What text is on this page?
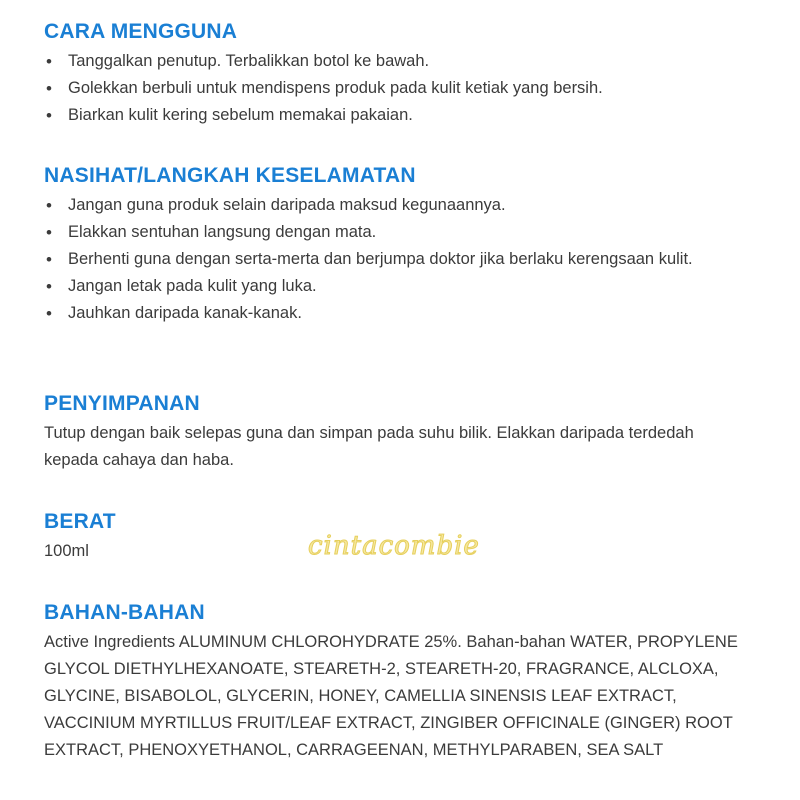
CARA MENGGUNA
• Tanggalkan penutup. Terbalikkan botol ke bawah.
• Golekkan berbuli untuk mendispens produk pada kulit ketiak yang bersih.
• Biarkan kulit kering sebelum memakai pakaian.
NASIHAT/LANGKAH KESELAMATAN
• Jangan guna produk selain daripada maksud kegunaannya.
• Elakkan sentuhan langsung dengan mata.
• Berhenti guna dengan serta-merta dan berjumpa doktor jika berlaku kerengsaan kulit.
• Jangan letak pada kulit yang luka.
• Jauhkan daripada kanak-kanak.
PENYIMPANAN

Tutup dengan baik selepas guna dan simpan pada suhu bilik. Elakkan daripada terdedah kepada cahaya dan haba.

BERAT

100ml

BAHAN-BAHAN

Active Ingredients ALUMINUM CHLOROHYDRATE 25%. Bahan-bahan WATER, PROPYLENE GLYCOL DIETHYLHEXANOATE, STEARETH-2, STEARETH-20, FRAGRANCE, ALCLOXA, GLYCINE, BISABOLOL, GLYCERIN, HONEY, CAMELLIA SINENSIS LEAF EXTRACT, VACCINIUM MYRTILLUS FRUIT/LEAF EXTRACT, ZINGIBER OFFICINALE (GINGER) ROOT EXTRACT, PHENOXYETHANOL, CARRAGEENAN, METHYLPARABEN, SEA SALT

cintacombie
